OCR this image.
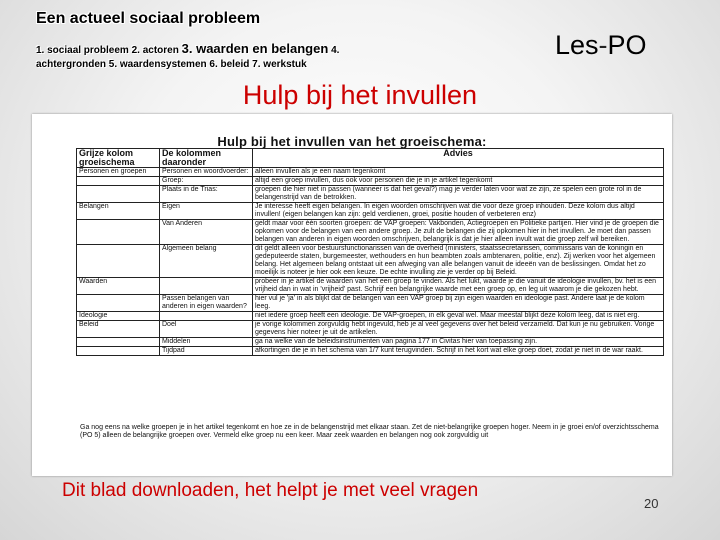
Een actueel sociaal probleem
1. sociaal probleem 2. actoren 3. waarden en belangen 4.
achtergronden 5. waardensystemen 6. beleid 7. werkstuk
Les-PO
Hulp bij het invullen
Hulp bij het invullen van het groeischema:
Grijze kolom groeischema	De kolommen daaronder	Advies
Personen en groepen	Personen en woordvoerder:	alleen invullen als je een naam tegenkomt
	Groep:	altijd een groep invullen, dus ook voor personen die je in je artikel tegenkomt
	Plaats in de Trias:	groepen die hier niet in passen (wanneer is dat het geval?) mag je verder laten voor wat ze zijn, ze spelen een grote rol in de belangenstrijd van de betrokken.
Belangen	Eigen	Je interesse heeft eigen belangen. In eigen woorden omschrijven wat die voor deze groep inhouden. Deze kolom dus altijd invullen! (eigen belangen kan zijn: geld verdienen, groei, positie houden of verbeteren enz)
	Van Anderen	geldt maar voor één soorten groepen: de VAP groepen: Vakbonden, Actiegroepen en Politieke partijen. Hier vind je de groepen die opkomen voor de belangen van een andere groep. Je zult de belangen die zij opkomen hier in het invullen. Je moet dan passen belangen van anderen in eigen woorden omschrijven, belangrijk is dat je hier alleen invult wat die groep zelf wil bereiken.
	Algemeen belang	dit geldt alleen voor bestuursfunctionarissen van de overheid (ministers, staatssecretarissen, commissaris van de koningin en gedeputeerde staten, burgemeester, wethouders en hun beambten zoals ambtenaren, politie, enz). Zij werken voor het algemeen belang. Het algemeen belang ontstaat uit een afweging van alle belangen vanuit de ideeën van de beslissingen. Omdat het zo moeilijk is noteer je hier ook een keuze. De echte invulling zie je verder op bij Beleid.
Waarden		probeer in je artikel de waarden van het een groep te vinden. Als het lukt, waarde je die vanuit de ideologie invullen, bv. het is een vrijheid dan in wat in 'vrijheid' past. Schrijf een belangrijke waarde met een groep op, en leg uit waarom je die gekozen hebt.
	Passen belangen van anderen in eigen waarden?	hier vul je 'ja' in als blijkt dat de belangen van een VAP groep bij zijn eigen waarden en ideologie past. Andere laat je de kolom leeg.
Ideologie		niet iedere groep heeft een ideologie. De VAP-groepen, in elk geval wel. Maar meestal blijkt deze kolom leeg, dat is niet erg.
Beleid	Doel	je vorige kolommen zorgvuldig hebt ingevuld, heb je al veel gegevens over het beleid verzameld. Dat kun je nu gebruiken. Vorige gegevens hier noteer je uit de artikelen.
	Middelen	ga na welke van de beleidsinstrumenten van pagina 177 in Civitas hier van toepassing zijn.
	Tijdpad	afkortingen die je in het schema van 1/7 kunt terugvinden. Schrijf in het kort wat elke groep doet, zodat je niet in de war raakt.
Ga nog eens na welke groepen je in het artikel tegenkomt en hoe ze in de belangenstrijd met elkaar staan. Zet de niet-belangrijke groepen hoger. Neem in je groei en/of overzichtsschema (PO 5) alleen de belangrijke groepen over. Vermeld elke groep nu een keer. Maar zeek waarden en belangen nog ook zorgvuldig uit
Dit blad downloaden, het helpt je met veel vragen
20
